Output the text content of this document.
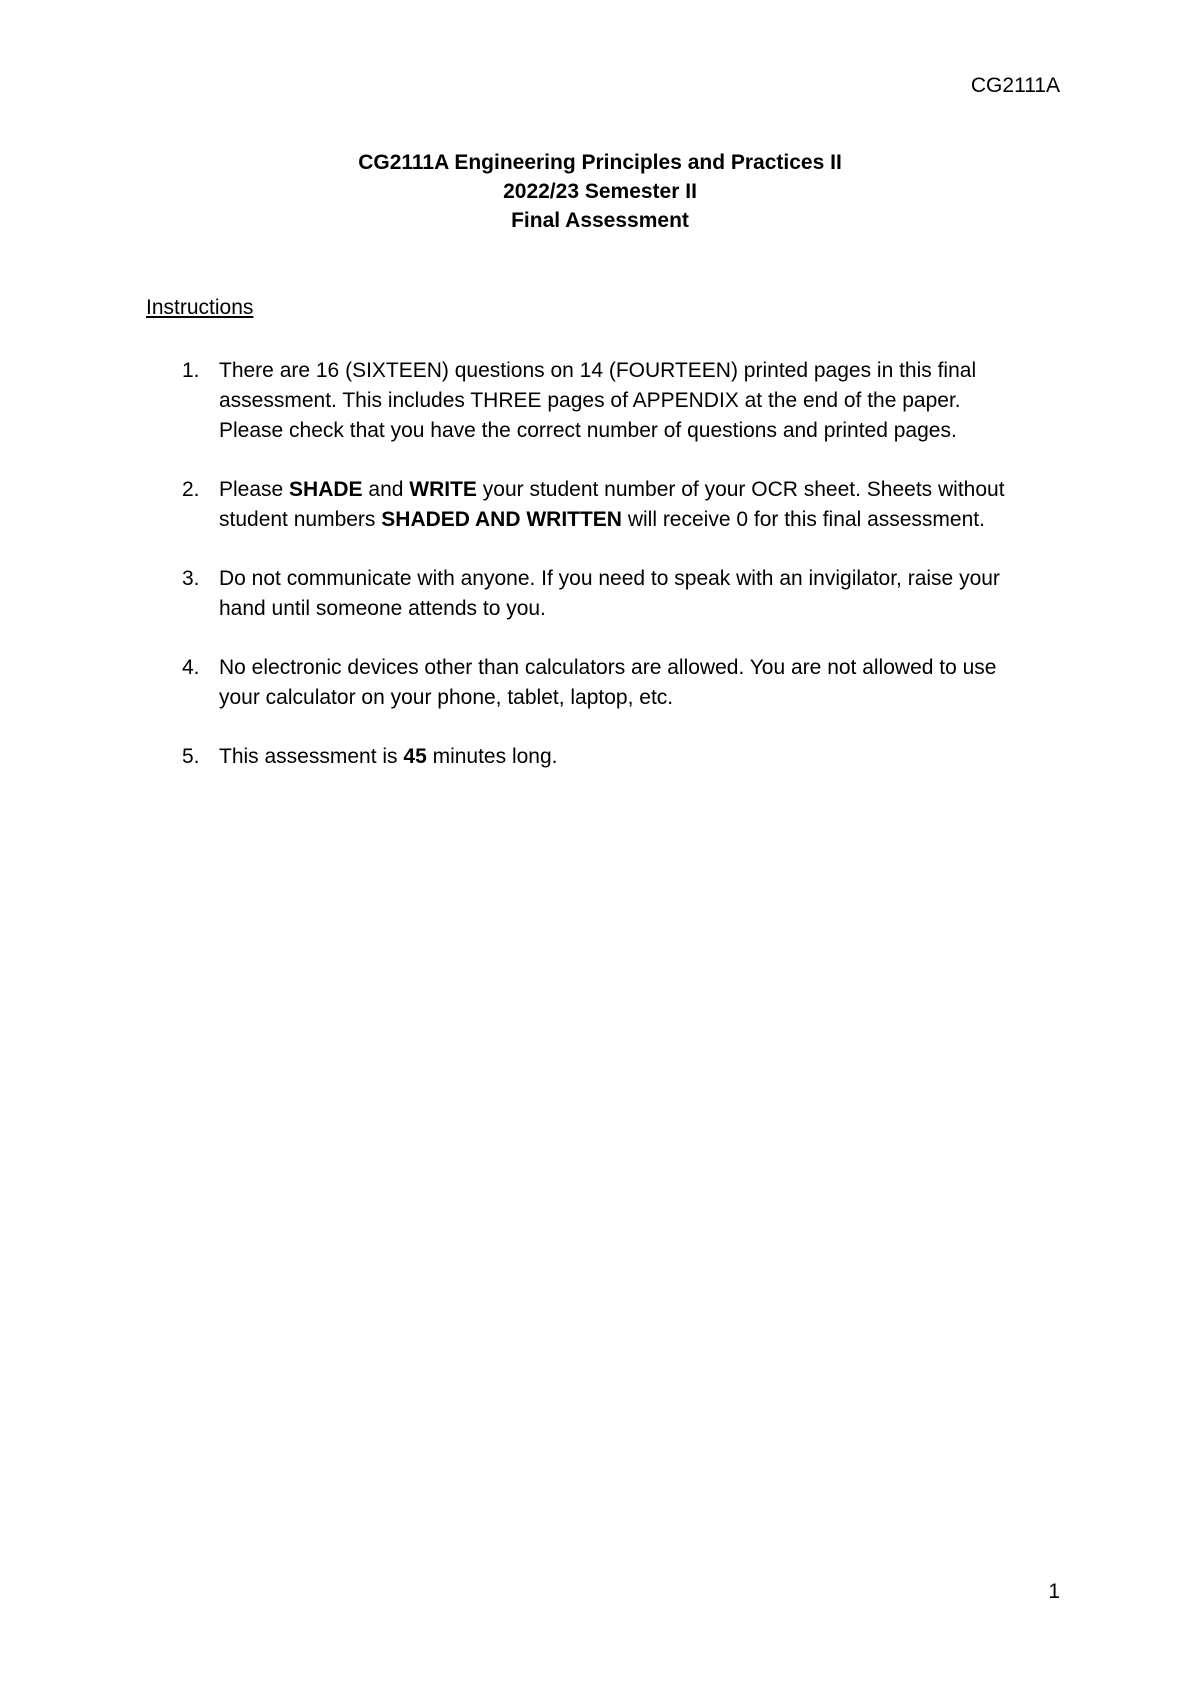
CG2111A
CG2111A Engineering Principles and Practices II
2022/23 Semester II
Final Assessment
Instructions
1. There are 16 (SIXTEEN) questions on 14 (FOURTEEN) printed pages in this final
assessment. This includes THREE pages of APPENDIX at the end of the paper.
Please check that you have the correct number of questions and printed pages.
2. Please SHADE and WRITE your student number of your OCR sheet. Sheets without
student numbers SHADED AND WRITTEN will receive 0 for this final assessment.
3. Do not communicate with anyone. If you need to speak with an invigilator, raise your
hand until someone attends to you.
4. No electronic devices other than calculators are allowed. You are not allowed to use
your calculator on your phone, tablet, laptop, etc.
5. This assessment is 45 minutes long.
1
